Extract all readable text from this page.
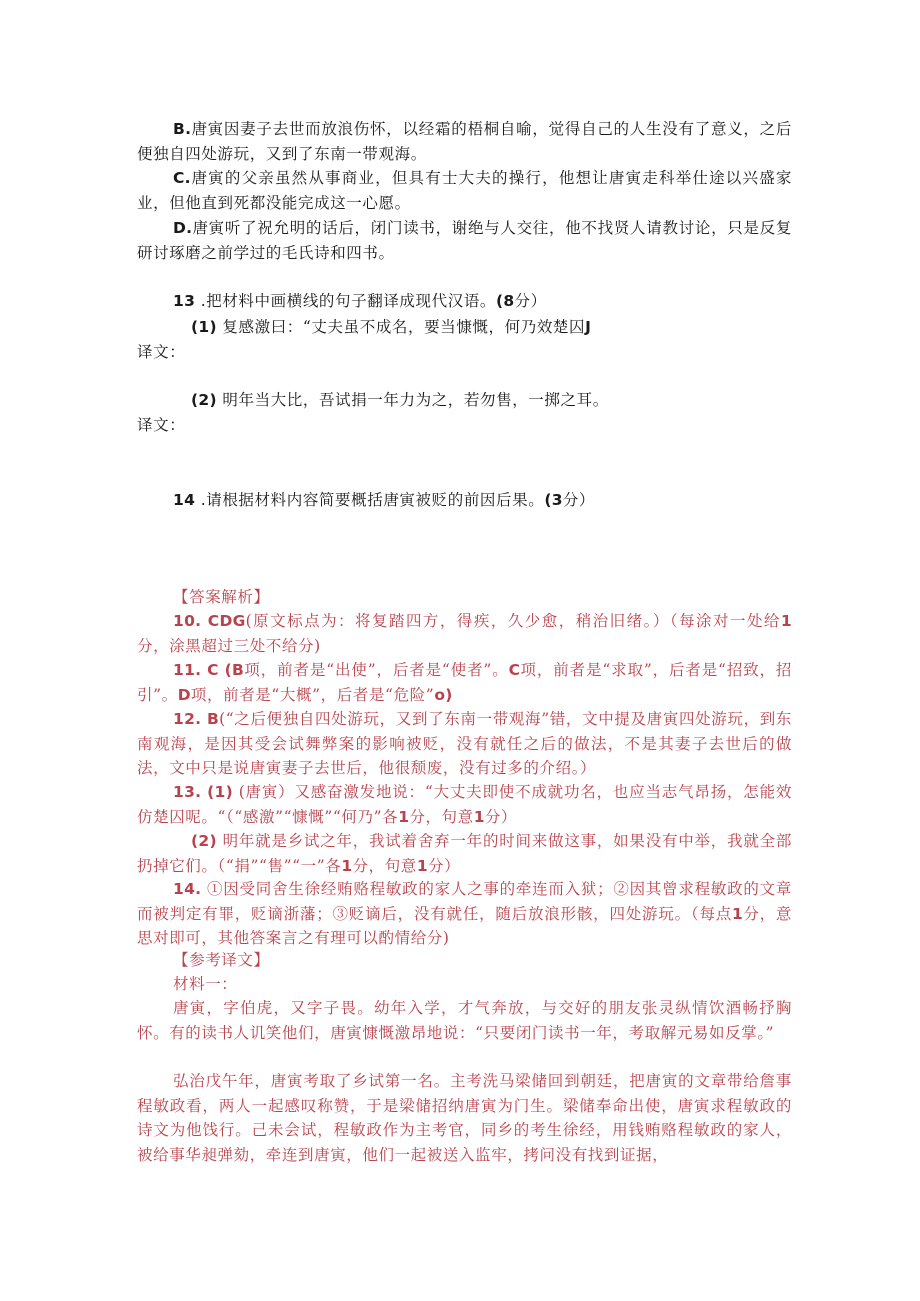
B.唐寅因妻子去世而放浪伤怀，以经霜的梧桐自喻，觉得自己的人生没有了意义，之后便独自四处游玩，又到了东南一带观海。

C.唐寅的父亲虽然从事商业，但具有士大夫的操行，他想让唐寅走科举仕途以兴盛家业，但他直到死都没能完成这一心愿。

D.唐寅听了祝允明的话后，闭门读书，谢绝与人交往，他不找贤人请教讨论，只是反复研讨琢磨之前学过的毛氏诗和四书。

13 .把材料中画横线的句子翻译成现代汉语。(8分）

(1) 复感激曰：“丈夫虽不成名，要当慷慨，何乃效楚囚J

译文：

(2) 明年当大比，吾试捐一年力为之，若勿售，一掷之耳。

译文：

14 .请根据材料内容简要概括唐寅被贬的前因后果。(3分）

【答案解析】

10. CDG(原文标点为：将复踏四方，得疾，久少愈，稍治旧绪。）（每涂对一处给1分，涂黑超过三处不给分)

11. C (B项，前者是“出使”，后者是“使者”。C项，前者是“求取”，后者是“招致，招引”。D项，前者是“大概”，后者是“危险”o)

12. B(“之后便独自四处游玩，又到了东南一带观海”错，文中提及唐寅四处游玩，到东南观海，是因其受会试舞弊案的影响被贬，没有就任之后的做法，不是其妻子去世后的做法，文中只是说唐寅妻子去世后，他很颓废，没有过多的介绍。）

13. (1) (唐寅）又感奋激发地说：“大丈夫即使不成就功名，也应当志气昂扬，怎能效仿楚囚呢。“（“感激”“慷慨”“何乃”各1分，句意1分）

(2) 明年就是乡试之年，我试着舍弃一年的时间来做这事，如果没有中举，我就全部扔掉它们。（“捐”“售”“一”各1分，句意1分）

14. ①因受同舍生徐经贿赂程敏政的家人之事的牵连而入狱；②因其曾求程敏政的文章而被判定有罪，贬谪浙藩；③贬谪后，没有就任，随后放浪形骸，四处游玩。（每点1分，意思对即可，其他答案言之有理可以酌情给分)

【参考译文】

材料一：

唐寅，字伯虎，又字子畏。幼年入学，才气奔放，与交好的朋友张灵纵情饮酒畅抒胸怀。有的读书人讥笑他们，唐寅慷慨激昂地说：“只要闭门读书一年，考取解元易如反掌。”

弘治戊午年，唐寅考取了乡试第一名。主考洗马梁储回到朝廷，把唐寅的文章带给詹事程敏政看，两人一起感叹称赞，于是梁储招纳唐寅为门生。梁储奉命出使，唐寅求程敏政的诗文为他饯行。己未会试，程敏政作为主考官，同乡的考生徐经，用钱贿赂程敏政的家人，被给事华昶弹劾，牵连到唐寅，他们一起被送入监牢，拷问没有找到证据，
